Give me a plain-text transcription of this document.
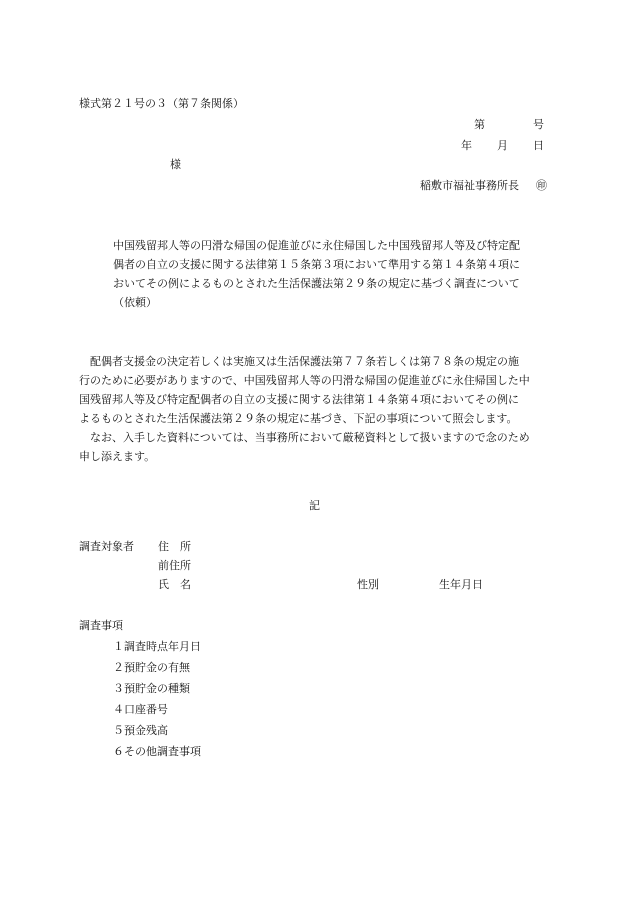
様式第２１号の３（第７条関係）
第	号
年 月 日
様
稲敷市福祉事務所長 ㊞
中国残留邦人等の円滑な帰国の促進並びに永住帰国した中国残留邦人等及び特定配
偶者の自立の支援に関する法律第１５条第３項において準用する第１４条第４項に
おいてその例によるものとされた生活保護法第２９条の規定に基づく調査について
（依頼）
配偶者支援金の決定若しくは実施又は生活保護法第７７条若しくは第７８条の規定の施
行のために必要がありますので、中国残留邦人等の円滑な帰国の促進並びに永住帰国した中
国残留邦人等及び特定配偶者の自立の支援に関する法律第１４条第４項においてその例に
よるものとされた生活保護法第２９条の規定に基づき、下記の事項について照会します。
なお、入手した資料については、当事務所において厳秘資料として扱いますので念のため
申し添えます。
記
調査対象者 住　所
前住所
氏　名	性別	生年月日
調査事項
１調査時点年月日
２預貯金の有無
３預貯金の種類
４口座番号
５預金残高
６その他調査事項
